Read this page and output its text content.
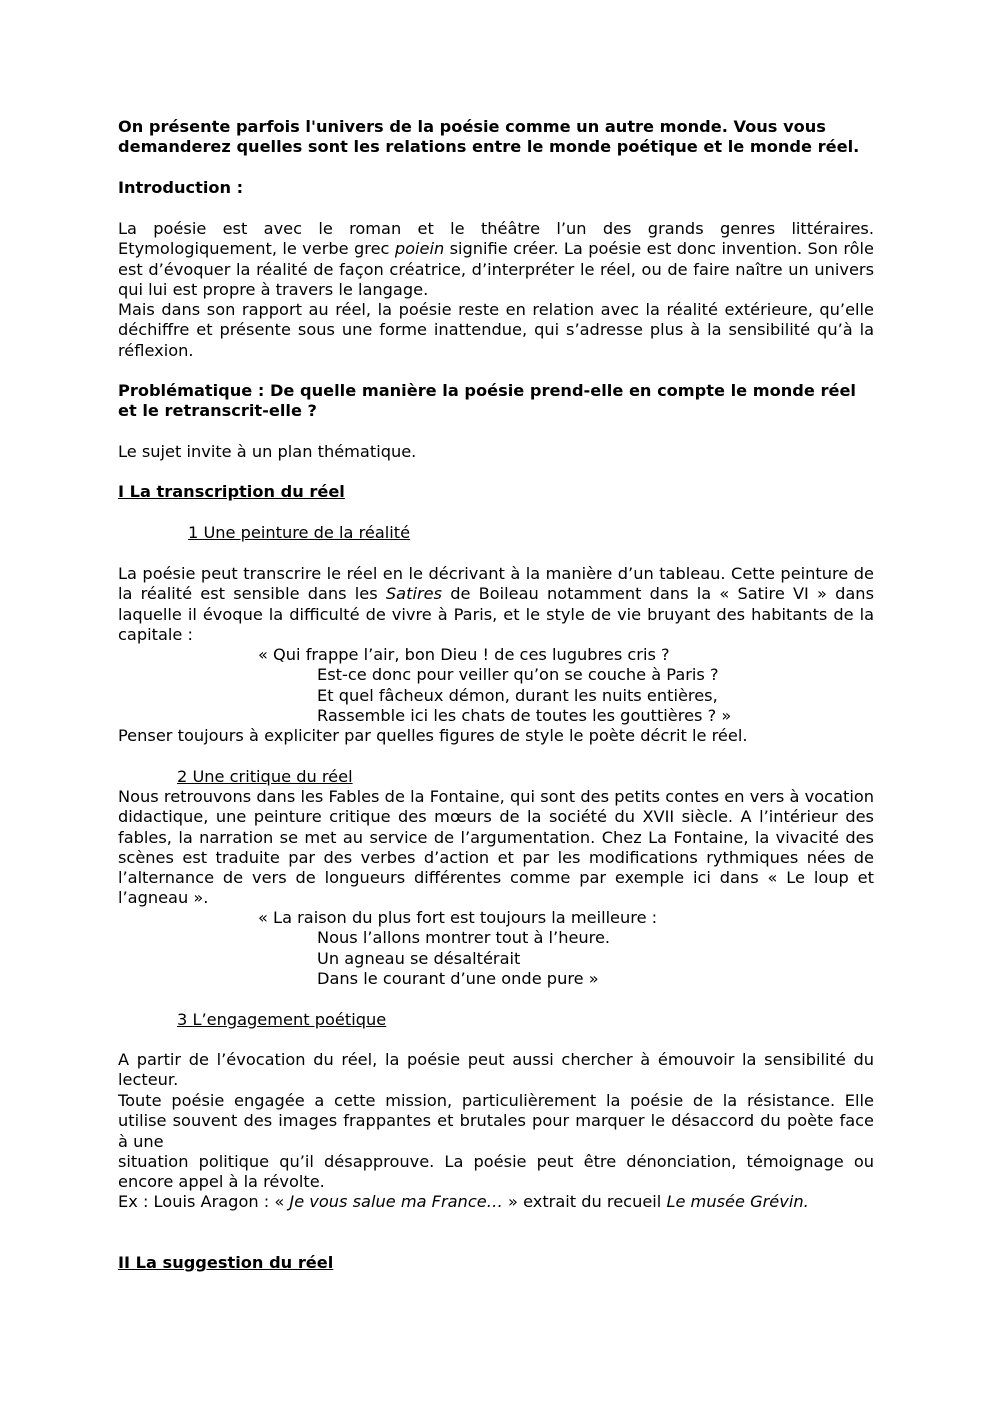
On présente parfois l'univers de la poésie comme un autre monde. Vous vous demanderez quelles sont les relations entre le monde poétique et le monde réel.

Introduction :

La poésie est avec le roman et le théâtre l’un des grands genres littéraires. Etymologiquement, le verbe grec poiein signifie créer. La poésie est donc invention. Son rôle est d’évoquer la réalité de façon créatrice, d’interpréter le réel, ou de faire naître un univers qui lui est propre à travers le langage.

Mais dans son rapport au réel, la poésie reste en relation avec la réalité extérieure, qu’elle déchiffre et présente sous une forme inattendue, qui s’adresse plus à la sensibilité qu’à la réflexion.

Problématique : De quelle manière la poésie prend-elle en compte le monde réel et le retranscrit-elle ?

Le sujet invite à un plan thématique.

I La transcription du réel

1 Une peinture de la réalité

La poésie peut transcrire le réel en le décrivant à la manière d’un tableau. Cette peinture de la réalité est sensible dans les Satires de Boileau notamment dans la « Satire VI » dans laquelle il évoque la difficulté de vivre à Paris, et le style de vie bruyant des habitants de la capitale :

« Qui frappe l’air, bon Dieu ! de ces lugubres cris ?
Est-ce donc pour veiller qu’on se couche à Paris ?
Et quel fâcheux démon, durant les nuits entières,
Rassemble ici les chats de toutes les gouttières ? »

Penser toujours à expliciter par quelles figures de style le poète décrit le réel.

2 Une critique du réel

Nous retrouvons dans les Fables de la Fontaine, qui sont des petits contes en vers à vocation didactique, une peinture critique des mœurs de la société du XVII siècle. A l’intérieur des fables, la narration se met au service de l’argumentation. Chez La Fontaine, la vivacité des scènes est traduite par des verbes d’action et par les modifications rythmiques nées de l’alternance de vers de longueurs différentes comme par exemple ici dans « Le loup et l’agneau ».

« La raison du plus fort est toujours la meilleure :
Nous l’allons montrer tout à l’heure.
Un agneau se désaltérait
Dans le courant d’une onde pure »

3 L’engagement poétique

A partir de l’évocation du réel, la poésie peut aussi chercher à émouvoir la sensibilité du lecteur.

Toute poésie engagée a cette mission, particulièrement la poésie de la résistance. Elle
utilise souvent des images frappantes et brutales pour marquer le désaccord du poète face
à une

situation politique qu’il désapprouve. La poésie peut être dénonciation, témoignage ou encore appel à la révolte.

Ex : Louis Aragon : « Je vous salue ma France… » extrait du recueil Le musée Grévin.

II La suggestion du réel
